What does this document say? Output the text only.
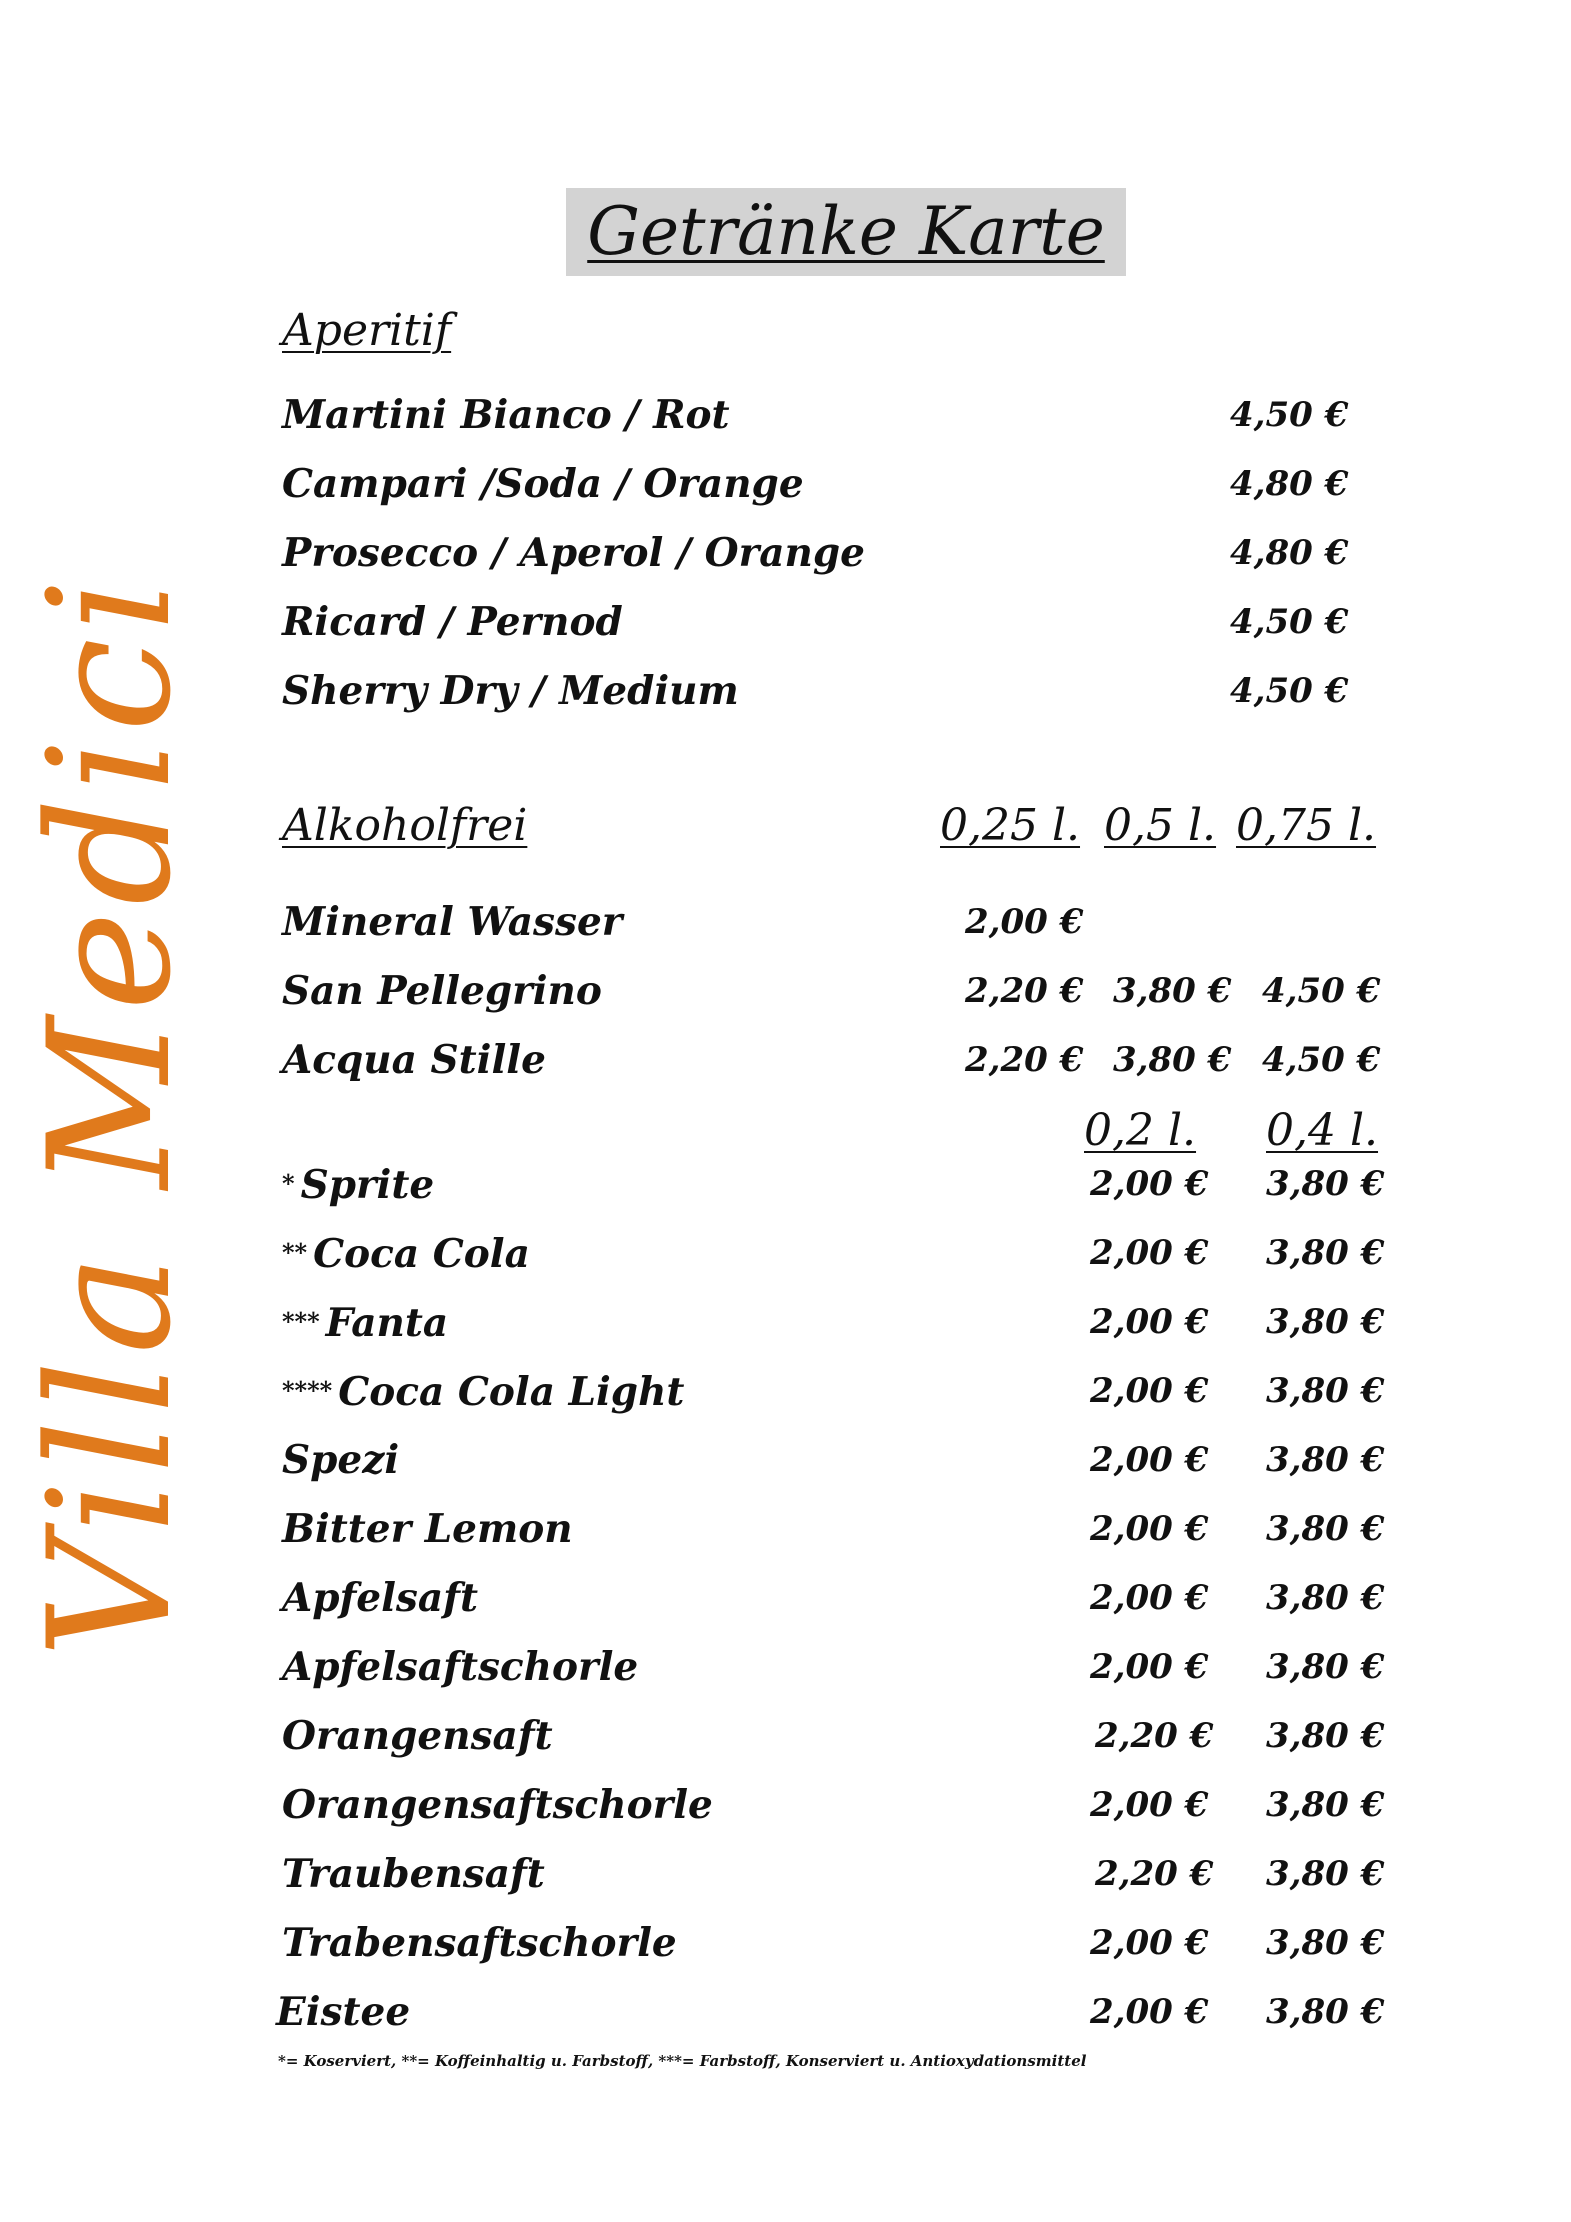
Villa Medici
Getränke Karte
Aperitif
Martini Bianco / Rot	4,50 €
Campari /Soda / Orange	4,80 €
Prosecco / Aperol / Orange	4,80 €
Ricard / Pernod	4,50 €
Sherry Dry / Medium	4,50 €
Alkoholfrei	0,25 l. 0,5 l. 0,75 l.
Mineral Wasser	2,00 €
San Pellegrino	2,20 € 3,80 € 4,50 €
Acqua Stille	2,20 € 3,80 € 4,50 €
0,2 l. 0,4 l.
* Sprite	2,00 € 3,80 €
** Coca Cola	2,00 € 3,80 €
*** Fanta	2,00 € 3,80 €
**** Coca Cola Light	2,00 € 3,80 €
Spezi	2,00 € 3,80 €
Bitter Lemon	2,00 € 3,80 €
Apfelsaft	2,00 € 3,80 €
Apfelsaftschorle	2,00 € 3,80 €
Orangensaft	2,20 € 3,80 €
Orangensaftschorle	2,00 € 3,80 €
Traubensaft	2,20 € 3,80 €
Trabensaftschorle	2,00 € 3,80 €
Eistee	2,00 € 3,80 €
*= Koserviert, **= Koffeinhaltig u. Farbstoff, ***= Farbstoff, Konserviert u. Antioxydationsmittel
